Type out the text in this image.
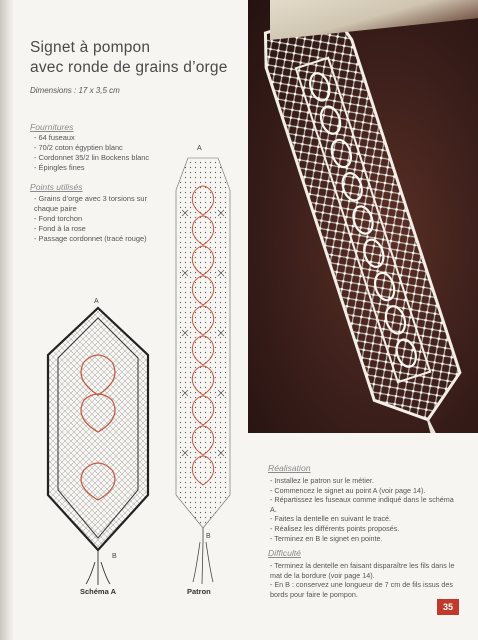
Signet à pompon
avec ronde de grains d’orge
Dimensions : 17 x 3,5 cm
Fournitures
- 64 fuseaux
- 70/2 coton égyptien blanc
- Cordonnet 35/2 lin Bockens blanc
- Épingles fines
Points utilisés
- Grains d’orge avec 3 torsions sur chaque paire
- Fond torchon
- Fond à la rose
- Passage cordonnet (tracé rouge)
A
B
A
B
Schéma A	Patron
Réalisation
- Installez le patron sur le métier.
- Commencez le signet au point A (voir page 14).
- Répartissez les fuseaux comme indiqué dans le schéma A.
- Faites la dentelle en suivant le tracé.
- Réalisez les différents points proposés.
- Terminez en B le signet en pointe.
Difficulté
- Terminez la dentelle en faisant disparaître les fils dans le mat de la bordure (voir page 14).
- En B : conservez une longueur de 7 cm de fils issus des bords pour faire le pompon.
35
